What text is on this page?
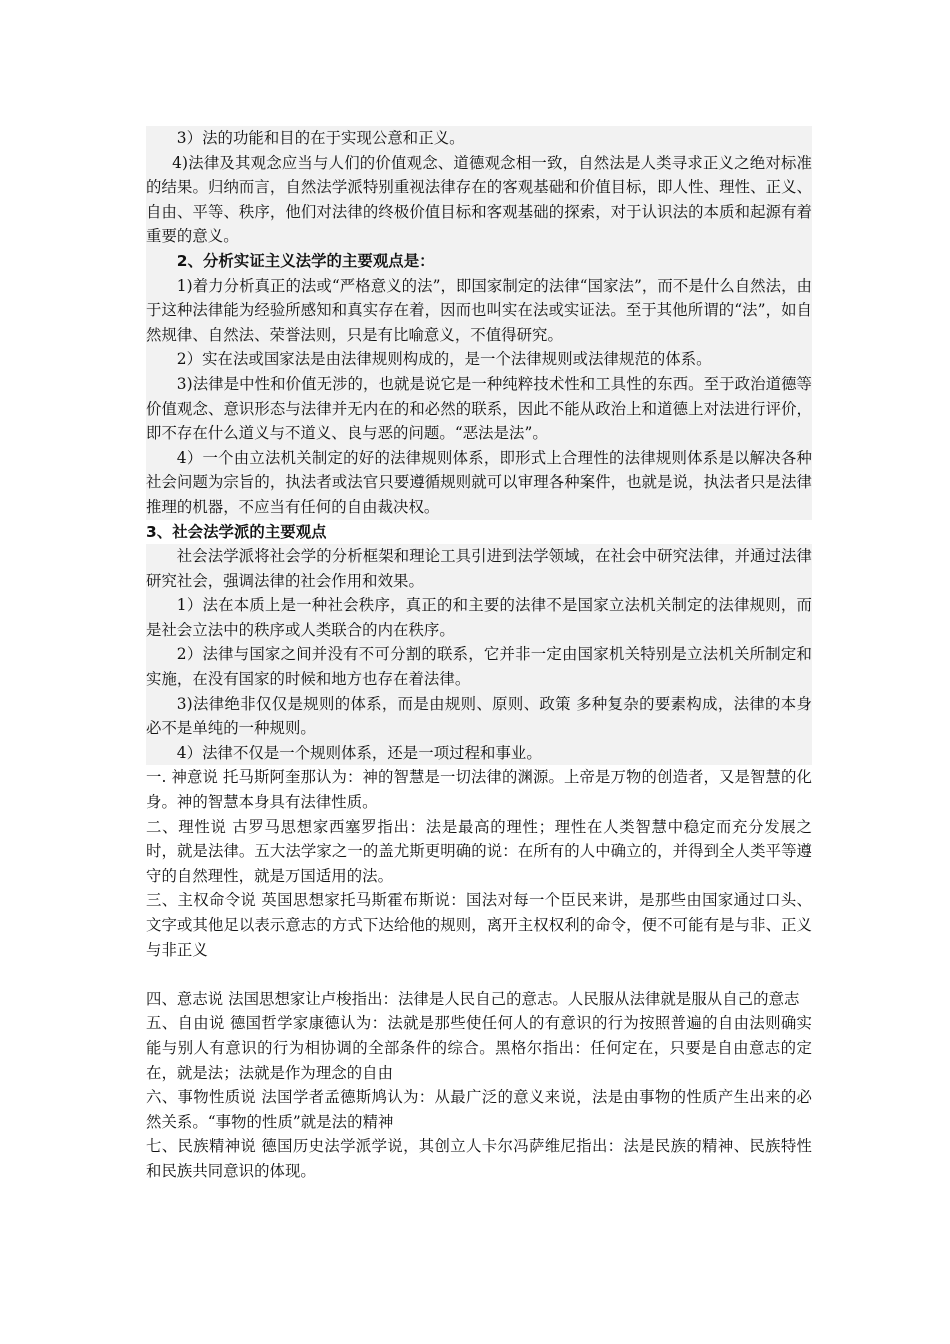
3）法的功能和目的在于实现公意和正义。

4)法律及其观念应当与人们的价值观念、道德观念相一致，自然法是人类寻求正义之绝对标准的结果。归纳而言，自然法学派特别重视法律存在的客观基础和价值目标，即人性、理性、正义、自由、平等、秩序，他们对法律的终极价值目标和客观基础的探索，对于认识法的本质和起源有着重要的意义。

2、分析实证主义法学的主要观点是：

1)着力分析真正的法或“严格意义的法”，即国家制定的法律“国家法”，而不是什么自然法，由于这种法律能为经验所感知和真实存在着，因而也叫实在法或实证法。至于其他所谓的“法”，如自然规律、自然法、荣誉法则，只是有比喻意义，不值得研究。

2）实在法或国家法是由法律规则构成的，是一个法律规则或法律规范的体系。

3)法律是中性和价值无涉的，也就是说它是一种纯粹技术性和工具性的东西。至于政治道德等价值观念、意识形态与法律并无内在的和必然的联系，因此不能从政治上和道德上对法进行评价，即不存在什么道义与不道义、良与恶的问题。“恶法是法”。

4）一个由立法机关制定的好的法律规则体系，即形式上合理性的法律规则体系是以解决各种社会问题为宗旨的，执法者或法官只要遵循规则就可以审理各种案件，也就是说，执法者只是法律推理的机器，不应当有任何的自由裁决权。

3、社会法学派的主要观点

社会法学派将社会学的分析框架和理论工具引进到法学领域，在社会中研究法律，并通过法律研究社会，强调法律的社会作用和效果。

1）法在本质上是一种社会秩序，真正的和主要的法律不是国家立法机关制定的法律规则，而是社会立法中的秩序或人类联合的内在秩序。

2）法律与国家之间并没有不可分割的联系，它并非一定由国家机关特别是立法机关所制定和实施，在没有国家的时候和地方也存在着法律。

3)法律绝非仅仅是规则的体系，而是由规则、原则、政策 多种复杂的要素构成，法律的本身必不是单纯的一种规则。

4）法律不仅是一个规则体系，还是一项过程和事业。

一. 神意说 托马斯阿奎那认为：神的智慧是一切法律的渊源。上帝是万物的创造者，又是智慧的化身。神的智慧本身具有法律性质。

二、理性说 古罗马思想家西塞罗指出：法是最高的理性；理性在人类智慧中稳定而充分发展之时，就是法律。五大法学家之一的盖尤斯更明确的说：在所有的人中确立的，并得到全人类平等遵守的自然理性，就是万国适用的法。

三、主权命令说 英国思想家托马斯霍布斯说：国法对每一个臣民来讲，是那些由国家通过口头、文字或其他足以表示意志的方式下达给他的规则，离开主权权利的命令，便不可能有是与非、正义与非正义

四、意志说 法国思想家让卢梭指出：法律是人民自己的意志。人民服从法律就是服从自己的意志

五、自由说 德国哲学家康德认为：法就是那些使任何人的有意识的行为按照普遍的自由法则确实能与别人有意识的行为相协调的全部条件的综合。黑格尔指出：任何定在，只要是自由意志的定在，就是法；法就是作为理念的自由

六、事物性质说 法国学者孟德斯鸠认为：从最广泛的意义来说，法是由事物的性质产生出来的必然关系。“事物的性质”就是法的精神

七、民族精神说 德国历史法学派学说，其创立人卡尔冯萨维尼指出：法是民族的精神、民族特性和民族共同意识的体现。
